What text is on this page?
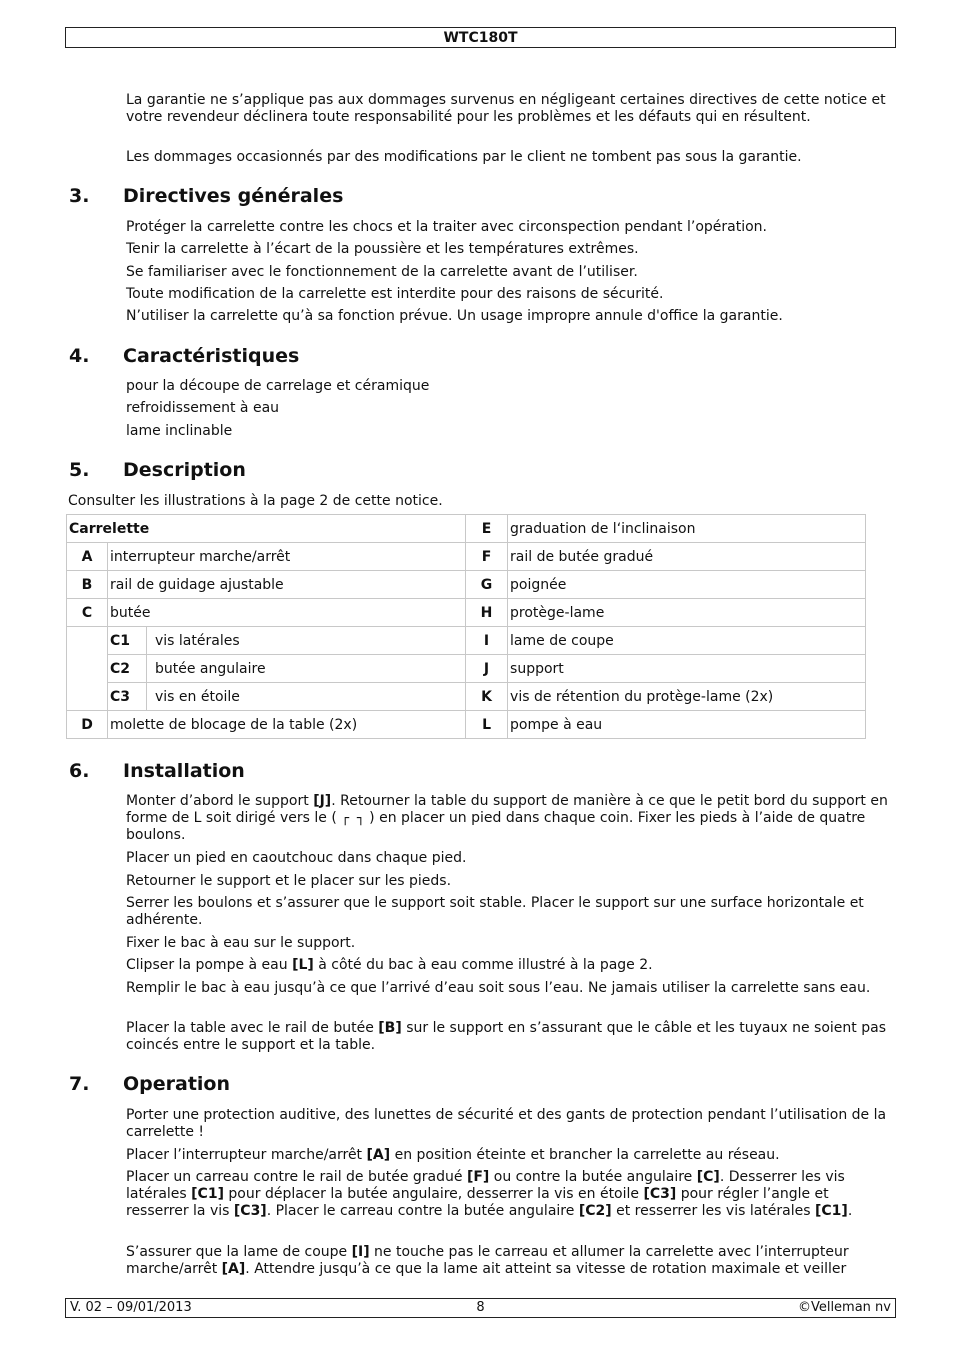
WTC180T
La garantie ne s’applique pas aux dommages survenus en négligeant certaines directives de cette notice et votre revendeur déclinera toute responsabilité pour les problèmes et les défauts qui en résultent.
Les dommages occasionnés par des modifications par le client ne tombent pas sous la garantie.
3. Directives générales
Protéger la carrelette contre les chocs et la traiter avec circonspection pendant l’opération.
Tenir la carrelette à l’écart de la poussière et les températures extrêmes.
Se familiariser avec le fonctionnement de la carrelette avant de l’utiliser.
Toute modification de la carrelette est interdite pour des raisons de sécurité.
N’utiliser la carrelette qu’à sa fonction prévue. Un usage impropre annule d'office la garantie.
4. Caractéristiques
pour la découpe de carrelage et céramique
refroidissement à eau
lame inclinable
5. Description
Consulter les illustrations à la page 2 de cette notice.
Carrelette			E	graduation de l‘inclinaison
A	interrupteur marche/arrêt		F	rail de butée gradué
B	rail de guidage ajustable		G	poignée
C	butée		H	protège-lame
	C1	vis latérales	I	lame de coupe
	C2	butée angulaire	J	support
	C3	vis en étoile	K	vis de rétention du protège-lame (2x)
D	molette de blocage de la table (2x)		L	pompe à eau
6. Installation
Monter d’abord le support [J]. Retourner la table du support de manière à ce que le petit bord du support en forme de L soit dirigé vers le ( ┌ ┐ ) en placer un pied dans chaque coin. Fixer les pieds à l’aide de quatre boulons.
Placer un pied en caoutchouc dans chaque pied.
Retourner le support et le placer sur les pieds.
Serrer les boulons et s’assurer que le support soit stable. Placer le support sur une surface horizontale et adhérente.
Fixer le bac à eau sur le support.
Clipser la pompe à eau [L] à côté du bac à eau comme illustré à la page 2.
Remplir le bac à eau jusqu’à ce que l’arrivé d’eau soit sous l’eau. Ne jamais utiliser la carrelette sans eau.
Placer la table avec le rail de butée [B] sur le support en s’assurant que le câble et les tuyaux ne soient pas coincés entre le support et la table.
7. Operation
Porter une protection auditive, des lunettes de sécurité et des gants de protection pendant l’utilisation de la carrelette !
Placer l’interrupteur marche/arrêt [A] en position éteinte et brancher la carrelette au réseau.
Placer un carreau contre le rail de butée gradué [F] ou contre la butée angulaire [C]. Desserrer les vis latérales [C1] pour déplacer la butée angulaire, desserrer la vis en étoile [C3] pour régler l’angle et resserrer la vis [C3]. Placer le carreau contre la butée angulaire [C2] et resserrer les vis latérales [C1].
S’assurer que la lame de coupe [I] ne touche pas le carreau et allumer la carrelette avec l’interrupteur marche/arrêt [A]. Attendre jusqu’à ce que la lame ait atteint sa vitesse de rotation maximale et veiller
V. 02 – 09/01/2013	8	©Velleman nv
